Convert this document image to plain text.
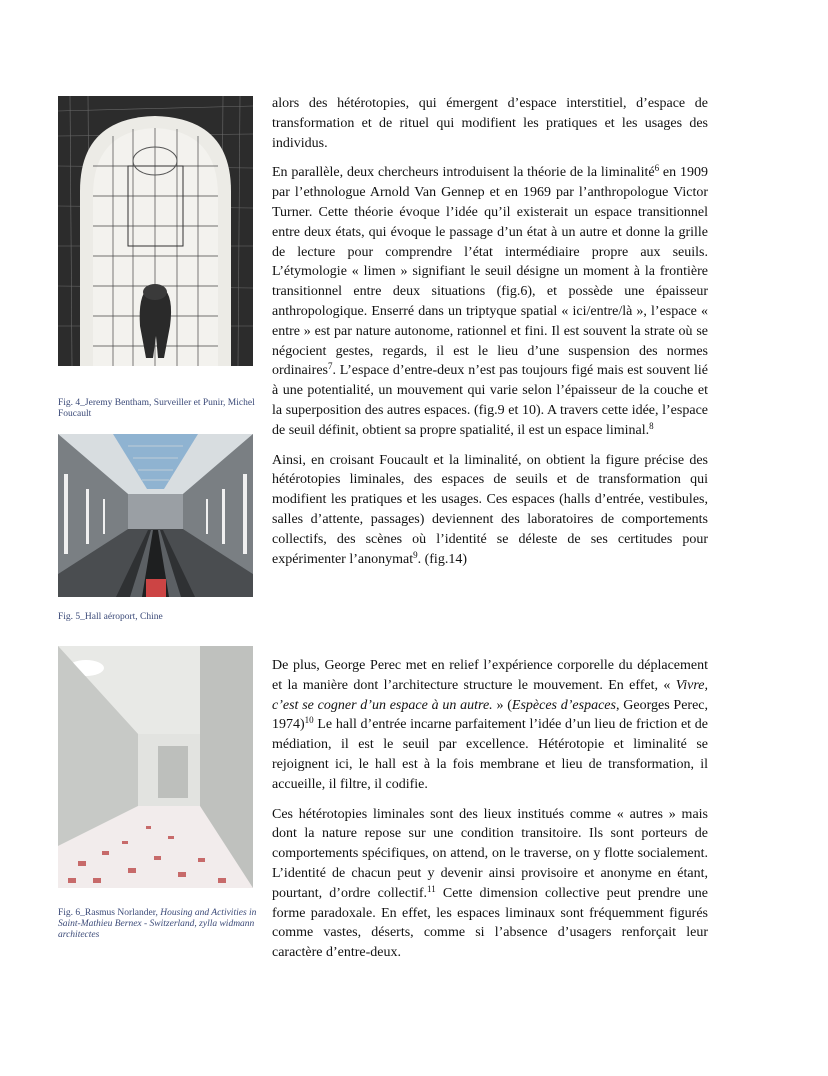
Fig. 4_Jeremy Bentham, Surveiller et Punir, Michel Foucault
Fig. 5_Hall aéroport, Chine
Fig. 6_Rasmus Norlander, Housing and Activities in Saint-Mathieu Bernex - Switzerland, zylla widmann architectes

alors des hétérotopies, qui émergent d’espace interstitiel, d’espace de transformation et de rituel qui modifient les pratiques et les usages des individus.

En parallèle, deux chercheurs introduisent la théorie de la liminalité$^6$ en 1909 par l’ethnologue Arnold Van Gennep et en 1969 par l’anthropologue Victor Turner. Cette théorie évoque l’idée qu’il existerait un espace transitionnel entre deux états, qui évoque le passage d’un état à un autre et donne la grille de lecture pour comprendre l’état intermédiaire propre aux seuils. L’étymologie « limen » signifiant le seuil désigne un moment à la frontière transitionnel entre deux situations (fig.6), et possède une épaisseur anthropologique. Enserré dans un triptyque spatial « ici/entre/là », l’espace « entre » est par nature autonome, rationnel et fini. Il est souvent la strate où se négocient gestes, regards, il est le lieu d’une suspension des normes ordinaires$^7$. L’espace d’entre-deux n’est pas toujours figé mais est souvent lié à une potentialité, un mouvement qui varie selon l’épaisseur de la couche et la superposition des autres espaces. (fig.9 et 10). A travers cette idée, l’espace de seuil définit, obtient sa propre spatialité, il est un espace liminal.$^8$

Ainsi, en croisant Foucault et la liminalité, on obtient la figure précise des hétérotopies liminales, des espaces de seuils et de transformation qui modifient les pratiques et les usages. Ces espaces (halls d’entrée, vestibules, salles d’attente, passages) deviennent des laboratoires de comportements collectifs, des scènes où l’identité se déleste de ses certitudes pour expérimenter l’anonymat$^9$. (fig.14)

De plus, George Perec met en relief l’expérience corporelle du déplacement et la manière dont l’architecture structure le mouvement. En effet, « Vivre, c’est se cogner d’un espace à un autre. » (Espèces d’espaces, Georges Perec, 1974)$^{10}$ Le hall d’entrée incarne parfaitement l’idée d’un lieu de friction et de médiation, il est le seuil par excellence. Hétérotopie et liminalité se rejoignent ici, le hall est à la fois membrane et lieu de transformation, il accueille, il filtre, il codifie.

Ces hétérotopies liminales sont des lieux institués comme « autres » mais dont la nature repose sur une condition transitoire. Ils sont porteurs de comportements spécifiques, on attend, on le traverse, on y flotte socialement. L’identité de chacun peut y devenir ainsi provisoire et anonyme en étant, pourtant, d’ordre collectif.$^{11}$ Cette dimension collective peut prendre une forme paradoxale. En effet, les espaces liminaux sont fréquemment figurés comme vastes, déserts, comme si l’absence d’usagers renforçait leur caractère d’entre-deux.
